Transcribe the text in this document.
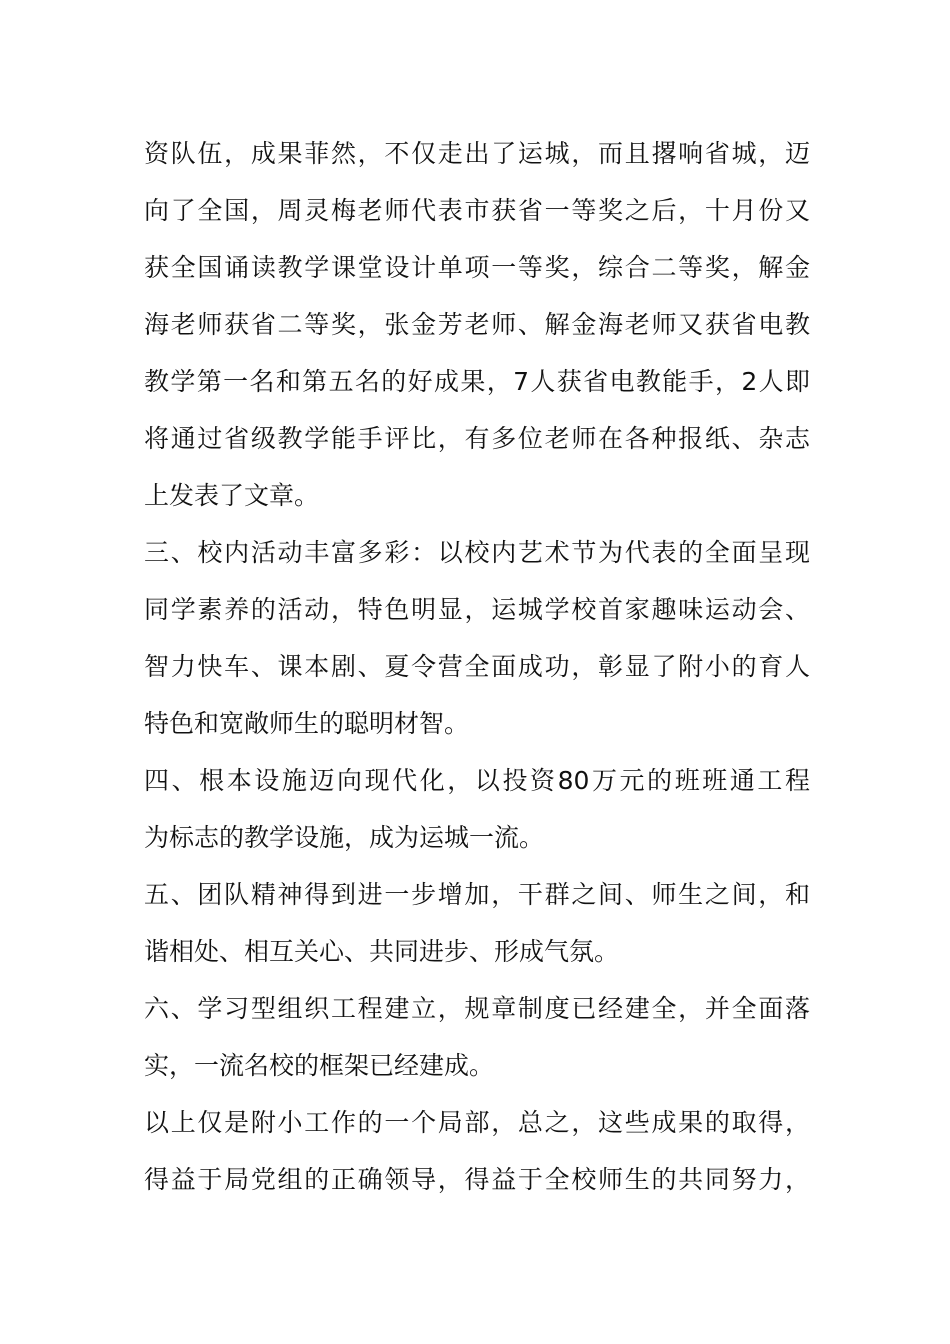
资队伍，成果菲然，不仅走出了运城，而且撂响省城，迈
向了全国，周灵梅老师代表市获省一等奖之后，十月份又
获全国诵读教学课堂设计单项一等奖，综合二等奖，解金
海老师获省二等奖，张金芳老师、解金海老师又获省电教
教学第一名和第五名的好成果，7人获省电教能手，2人即
将通过省级教学能手评比，有多位老师在各种报纸、杂志
上发表了文章。
三、校内活动丰富多彩：以校内艺术节为代表的全面呈现
同学素养的活动，特色明显，运城学校首家趣味运动会、
智力快车、课本剧、夏令营全面成功，彰显了附小的育人
特色和宽敞师生的聪明材智。
四、根本设施迈向现代化，以投资80万元的班班通工程
为标志的教学设施，成为运城一流。
五、团队精神得到进一步增加，干群之间、师生之间，和
谐相处、相互关心、共同进步、形成气氛。
六、学习型组织工程建立，规章制度已经建全，并全面落
实，一流名校的框架已经建成。
以上仅是附小工作的一个局部，总之，这些成果的取得，
得益于局党组的正确领导，得益于全校师生的共同努力，
